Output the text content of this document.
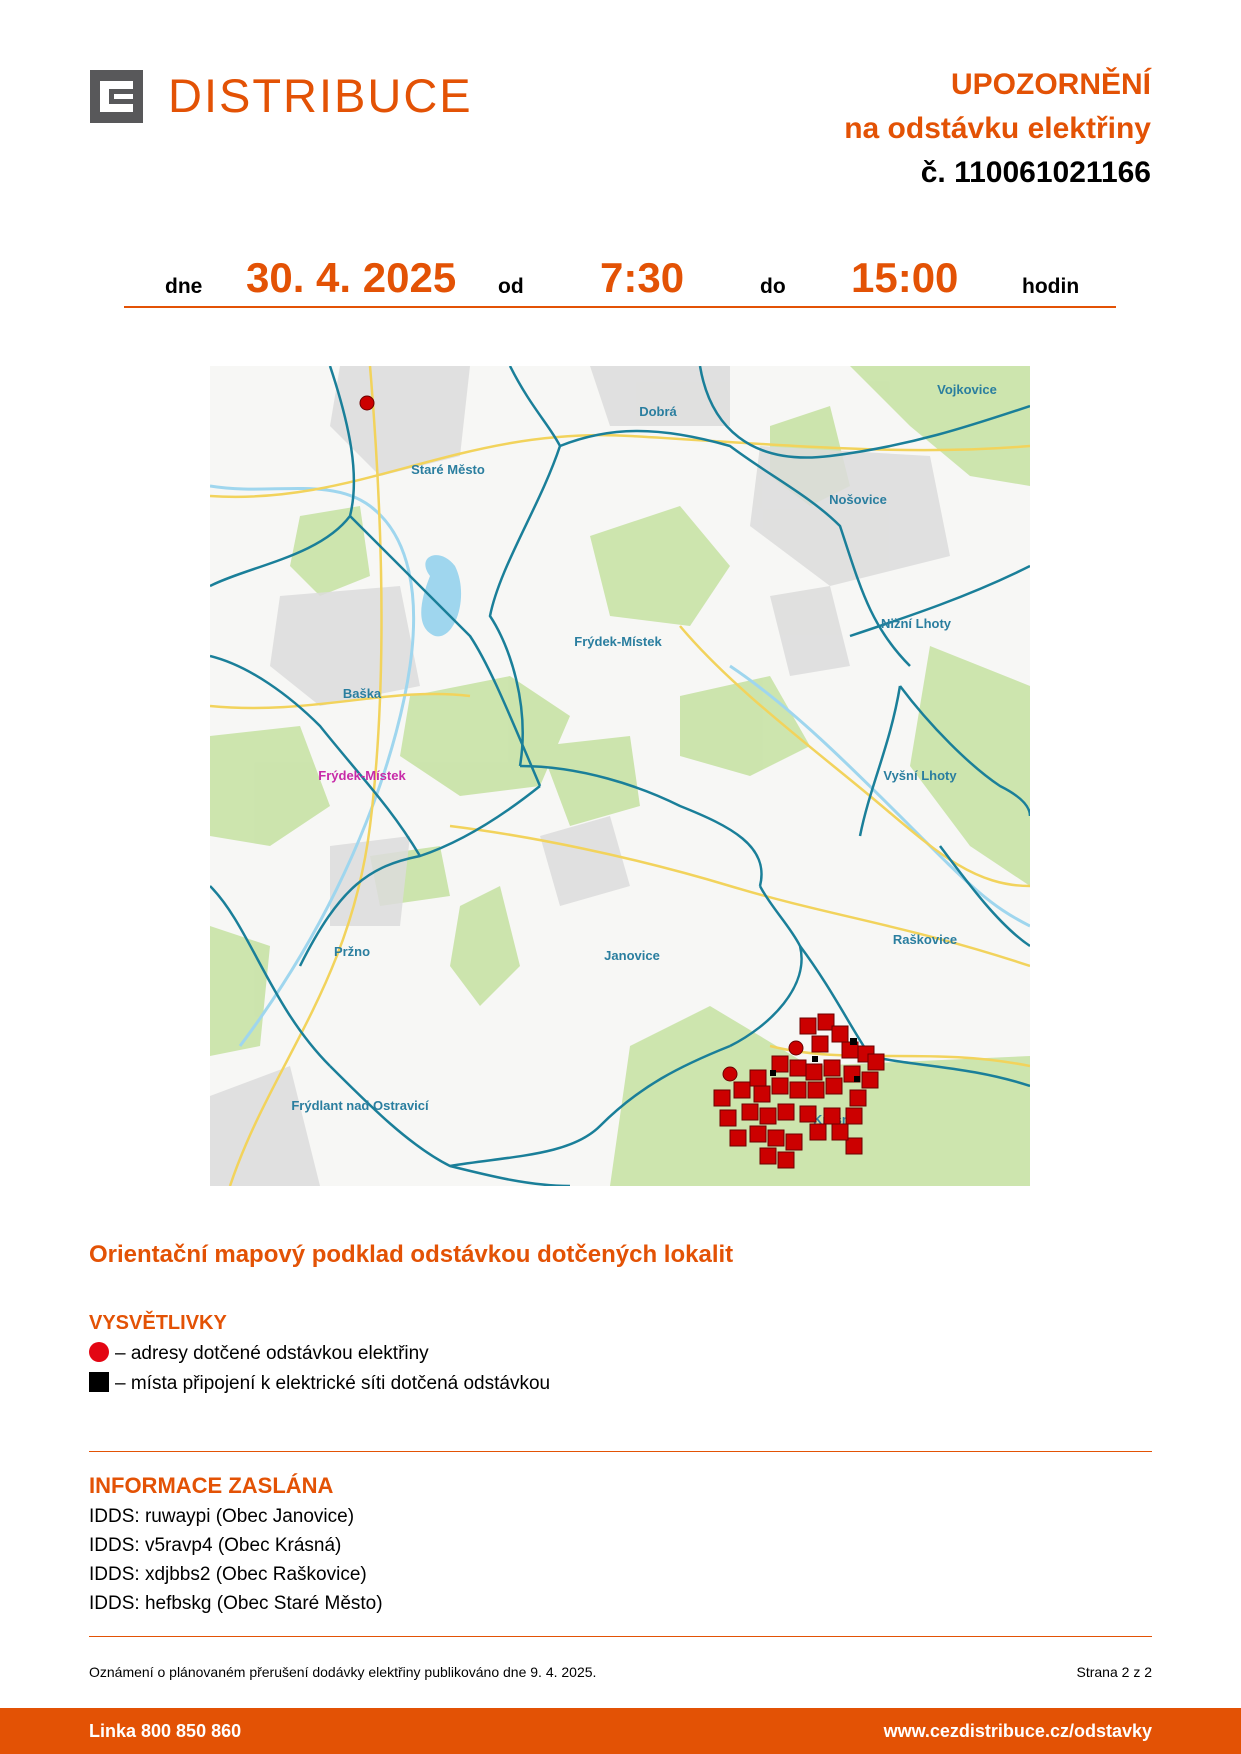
DISTRIBUCE	UPOZORNĚNÍ
na odstávku elektřiny
č. 110061021166
dne 30. 4. 2025 od 7:30	do 15:00	hodin
Vojkovice
Dobrá
Staré Město
Nošovice
Nižní Lhoty
Frýdek-Místek
Baška
Frýdek-Místek	Vyšní Lhoty
Janovice
Raškovice
Pržno
Frýdlant nad Ostravicí
Orientační mapový podklad odstávkou dotčených lokalit
VYSVĚTLIVKY
– adresy dotčené odstávkou elektřiny
– místa připojení k elektrické síti dotčená odstávkou
INFORMACE ZASLÁNA
IDDS: ruwaypi (Obec Janovice)
IDDS: v5ravp4 (Obec Krásná)
IDDS: xdjbbs2 (Obec Raškovice)
IDDS: hefbskg (Obec Staré Město)
Oznámení o plánovaném přerušení dodávky elektřiny publikováno dne 9. 4. 2025.	Strana 2 z 2
Linka 800 850 860	www.cezdistribuce.cz/odstavky
